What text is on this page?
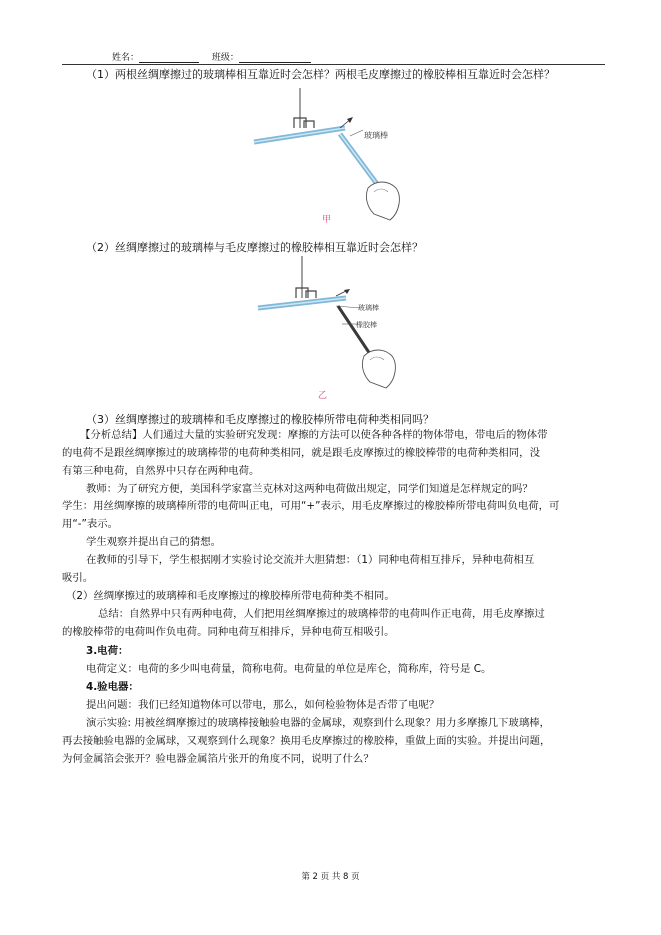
姓名：	班级：
（1）两根丝绸摩擦过的玻璃棒相互靠近时会怎样？两根毛皮摩擦过的橡胶棒相互靠近时会怎样？
玻璃棒
甲
（2）丝绸摩擦过的玻璃棒与毛皮摩擦过的橡胶棒相互靠近时会怎样？
玻璃棒
橡胶棒
乙
（3）丝绸摩擦过的玻璃棒和毛皮摩擦过的橡胶棒所带电荷种类相同吗？
【分析总结】人们通过大量的实验研究发现：摩擦的方法可以使各种各样的物体带电，带电后的物体带
的电荷不是跟丝绸摩擦过的玻璃棒带的电荷种类相同，就是跟毛皮摩擦过的橡胶棒带的电荷种类相同，没
有第三种电荷，自然界中只存在两种电荷。
教师：为了研究方便，美国科学家富兰克林对这两种电荷做出规定，同学们知道是怎样规定的吗？
学生：用丝绸摩擦的玻璃棒所带的电荷叫正电，可用“+”表示，用毛皮摩擦过的橡胶棒所带电荷叫负电荷，可
用“-”表示。
学生观察并提出自己的猜想。
在教师的引导下，学生根据刚才实验讨论交流并大胆猜想：（1）同种电荷相互排斥，异种电荷相互
吸引。
（2）丝绸摩擦过的玻璃棒和毛皮摩擦过的橡胶棒所带电荷种类不相同。
总结：自然界中只有两种电荷，人们把用丝绸摩擦过的玻璃棒带的电荷叫作正电荷，用毛皮摩擦过
的橡胶棒带的电荷叫作负电荷。同种电荷互相排斥，异种电荷互相吸引。
3.电荷：
电荷定义：电荷的多少叫电荷量，简称电荷。电荷量的单位是库仑，简称库，符号是 C。
4.验电器：
提出问题：我们已经知道物体可以带电，那么，如何检验物体是否带了电呢？
演示实验: 用被丝绸摩擦过的玻璃棒接触验电器的金属球，观察到什么现象？用力多摩擦几下玻璃棒，
再去接触验电器的金属球，又观察到什么现象？换用毛皮摩擦过的橡胶棒，重做上面的实验。并提出问题，
为何金属箔会张开？验电器金属箔片张开的角度不同，说明了什么？
第 2 页 共 8 页
